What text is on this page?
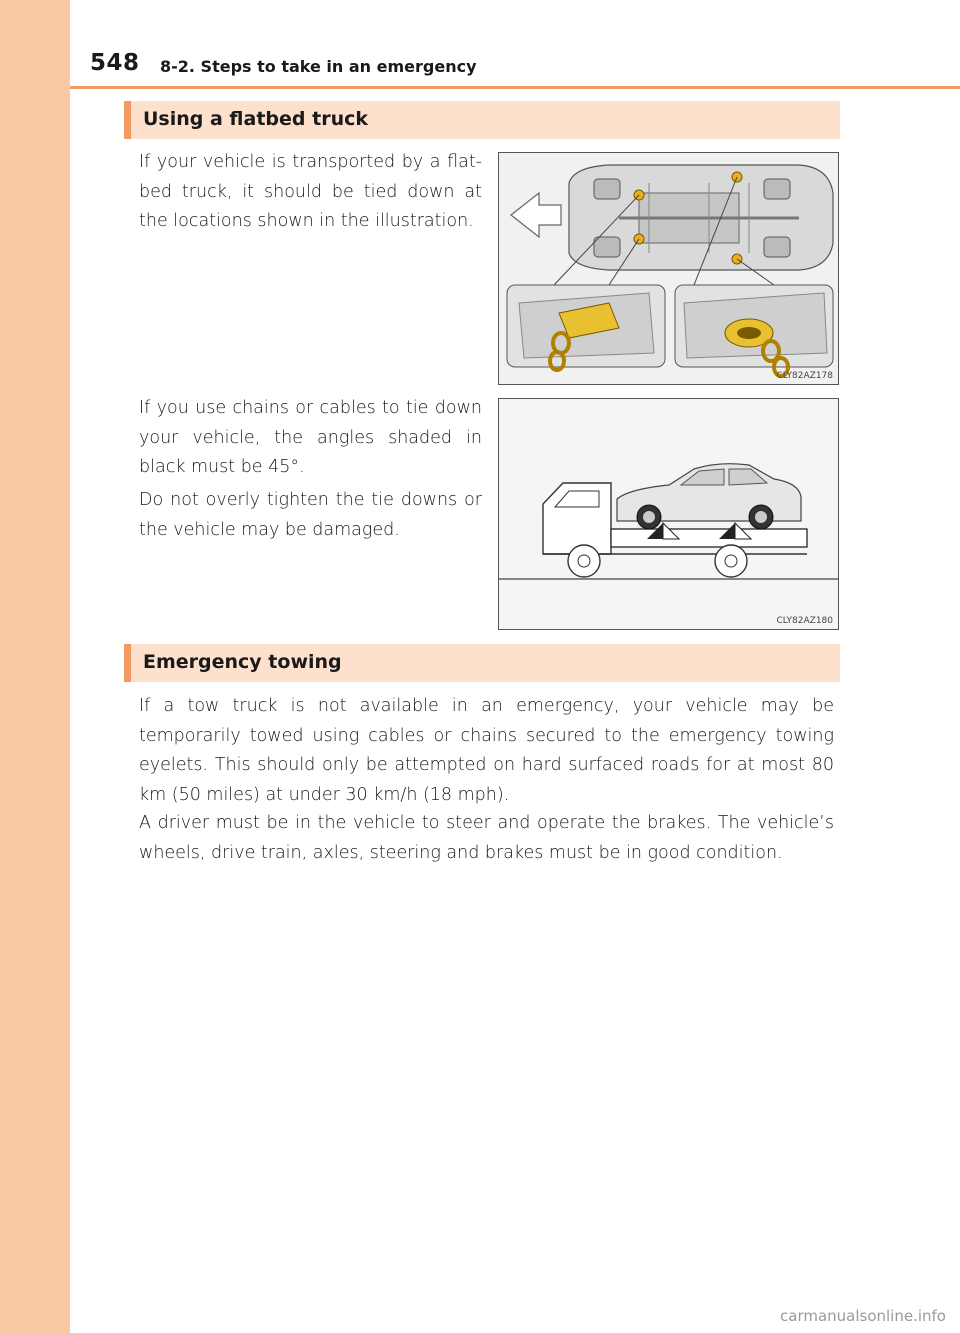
548 8-2. Steps to take in an emergency
Using a flatbed truck

If your vehicle is transported by a flat-bed truck, it should be tied down at the locations shown in the illustration.

If you use chains or cables to tie down your vehicle, the angles shaded in black must be 45°.

Do not overly tighten the tie downs or the vehicle may be damaged.

CLY82AZ178
CLY82AZ180
Emergency towing

If a tow truck is not available in an emergency, your vehicle may be temporarily towed using cables or chains secured to the emergency towing eyelets. This should only be attempted on hard surfaced roads for at most 80 km (50 miles) at under 30 km/h (18 mph).

A driver must be in the vehicle to steer and operate the brakes. The vehicle’s wheels, drive train, axles, steering and brakes must be in good condition.

carmanualsonline.info
